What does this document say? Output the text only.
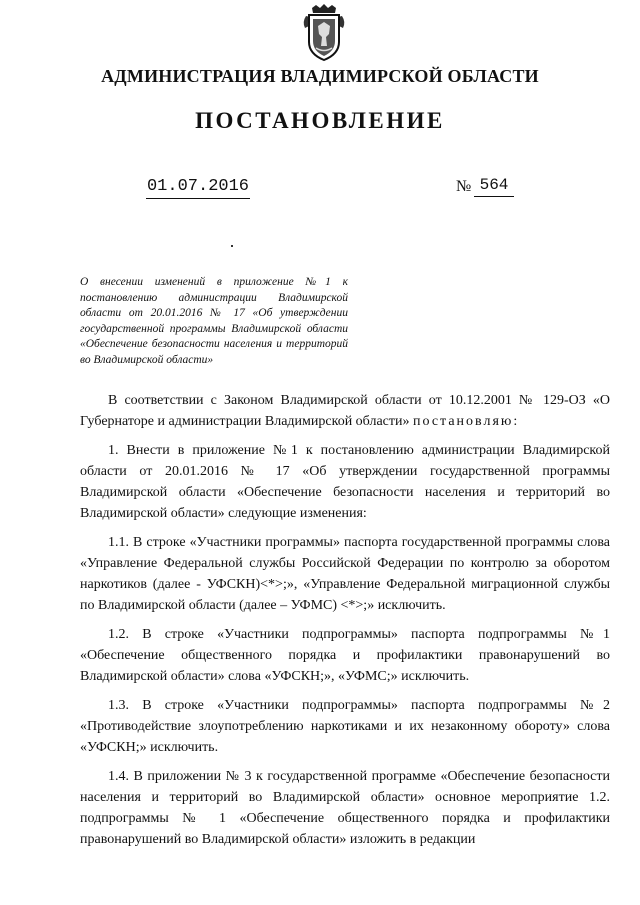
АДМИНИСТРАЦИЯ ВЛАДИМИРСКОЙ ОБЛАСТИ
ПОСТАНОВЛЕНИЕ
01.07.2016	№ 564
О внесении изменений в приложение №1 к постановлению администрации Владимирской области от 20.01.2016 № 17 «Об утверждении государственной программы Владимирской области «Обеспечение безопасности населения и территорий во Владимирской области»

В соответствии с Законом Владимирской области от 10.12.2001 № 129-ОЗ «О Губернаторе и администрации Владимирской области» постановляю:

1. Внести в приложение №1 к постановлению администрации Владимирской области от 20.01.2016 № 17 «Об утверждении государственной программы Владимирской области «Обеспечение безопасности населения и территорий во Владимирской области» следующие изменения:

1.1. В строке «Участники программы» паспорта государственной программы слова «Управление Федеральной службы Российской Федерации по контролю за оборотом наркотиков (далее - УФСКН)<*>;», «Управление Федеральной миграционной службы по Владимирской области (далее – УФМС) <*>;» исключить.

1.2. В строке «Участники подпрограммы» паспорта подпрограммы №1 «Обеспечение общественного порядка и профилактики правонарушений во Владимирской области» слова «УФСКН;», «УФМС;» исключить.

1.3. В строке «Участники подпрограммы» паспорта подпрограммы №2 «Противодействие злоупотреблению наркотиками и их незаконному обороту» слова «УФСКН;» исключить.

1.4. В приложении № 3 к государственной программе «Обеспечение безопасности населения и территорий во Владимирской области» основное мероприятие 1.2. подпрограммы № 1 «Обеспечение общественного порядка и профилактики правонарушений во Владимирской области» изложить в редакции
